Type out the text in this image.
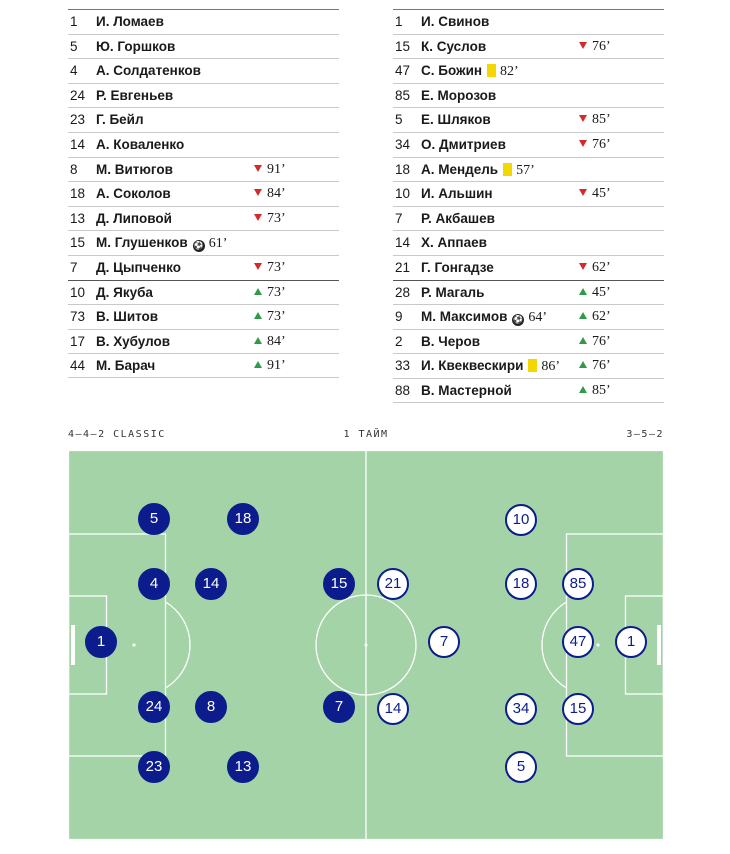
1 И. Ломаев
5 Ю. Горшков
4 А. Солдатенков
24 Р. Евгеньев
23 Г. Бейл
14 А. Коваленко
8 М. Витюгов	91’
18 А. Соколов	84’
13 Д. Липовой	73’
15 М. Глушенков ⚽ 61’
7 Д. Цыпченко	73’
10 Д. Якуба	73’
73 В. Шитов	73’
17 В. Хубулов	84’
44 М. Барач	91’
1 И. Свинов
15 К. Суслов	76’
47 С. Божин 82’
85 Е. Морозов
5 Е. Шляков	85’
34 О. Дмитриев	76’
18 А. Мендель 57’
10 И. Альшин	45’
7 Р. Акбашев
14 Х. Аппаев
21 Г. Гонгадзе	62’
28 Р. Магаль	45’
9 М. Максимов ⚽ 64’	62’
2 В. Черов	76’
33 И. Квеквескири 86’	76’
88 В. Мастерной	85’
4–4–2 CLASSIC	1 ТАЙМ	3–5–2
5	18
4	14	15
1
24	8	7
23	13
10
21	18	85
7	47	1
14	34	15
5
